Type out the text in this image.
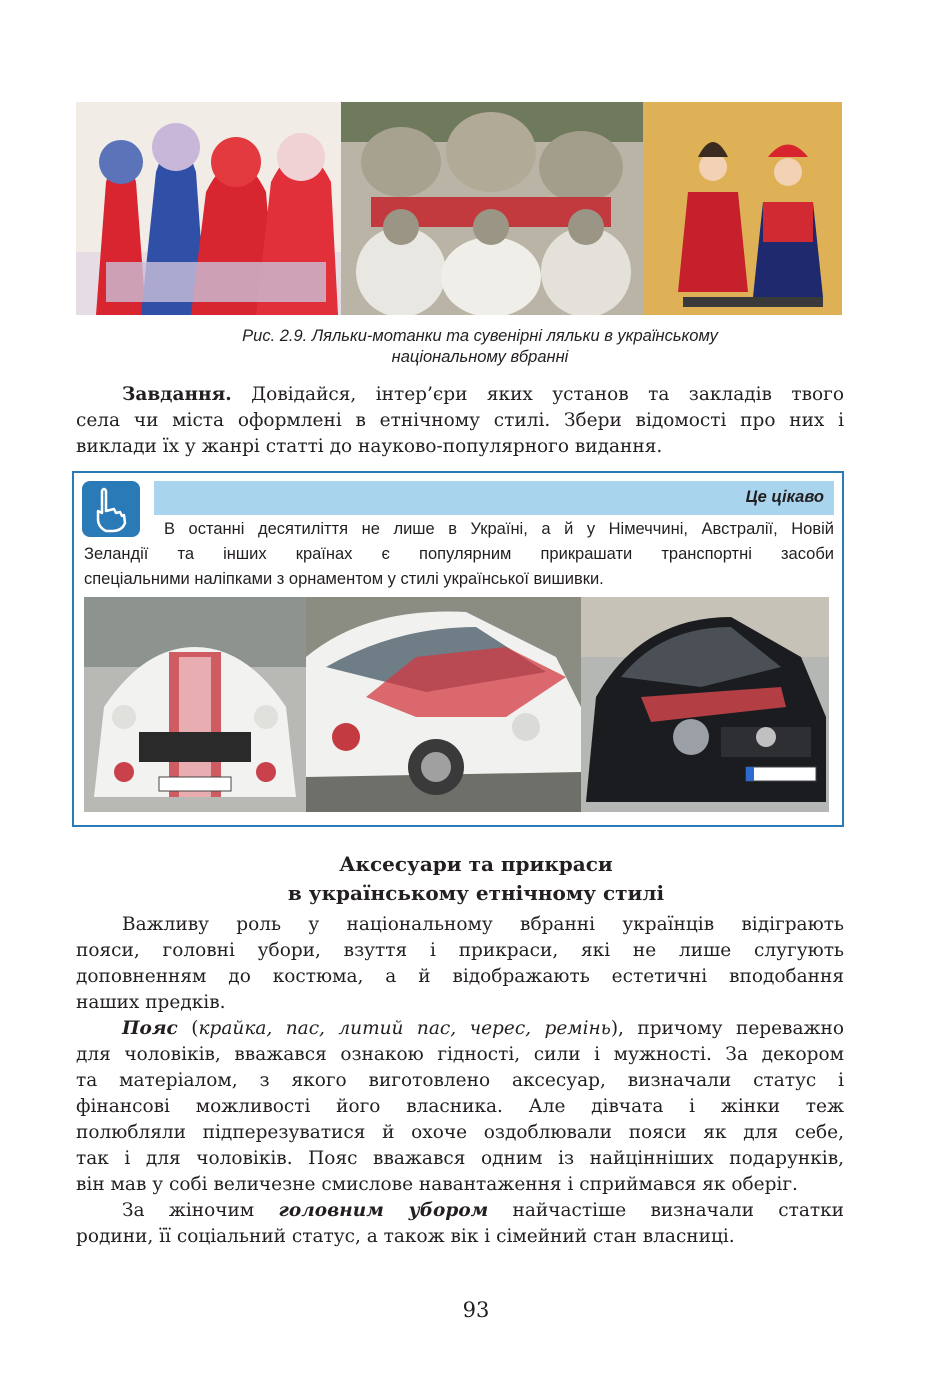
Рис. 2.9. Ляльки-мотанки та сувенірні ляльки в українському
національному вбранні
Завдання. Довідайся, інтер’єри яких установ та закладів твого
села чи міста оформлені в етнічному стилі. Збери відомості про них і
виклади їх у жанрі статті до науково-популярного видання.
Це цікаво
В останні десятиліття не лише в Україні, а й у Німеччині, Австралії, Новій
Зеландії та інших країнах є популярним прикрашати транспортні засоби
спеціальними наліпками з орнаментом у стилі української вишивки.
Аксесуари та прикраси
в українському етнічному стилі
Важливу роль у національному вбранні українців відіграють
пояси, головні убори, взуття і прикраси, які не лише слугують
доповненням до костюма, а й відображають естетичні вподобання
наших предків.
Пояс (крайка, пас, литий пас, черес, ремінь), причому переважно
для чоловіків, вважався ознакою гідності, сили і мужності. За декором
та матеріалом, з якого виготовлено аксесуар, визначали статус і
фінансові можливості його власника. Але дівчата і жінки теж
полюбляли підперезуватися й охоче оздоблювали пояси як для себе,
так і для чоловіків. Пояс вважався одним із найцінніших подарунків,
він мав у собі величезне смислове навантаження і сприймався як оберіг.
За жіночим головним убором найчастіше визначали статки
родини, її соціальний статус, а також вік і сімейний стан власниці.
93
